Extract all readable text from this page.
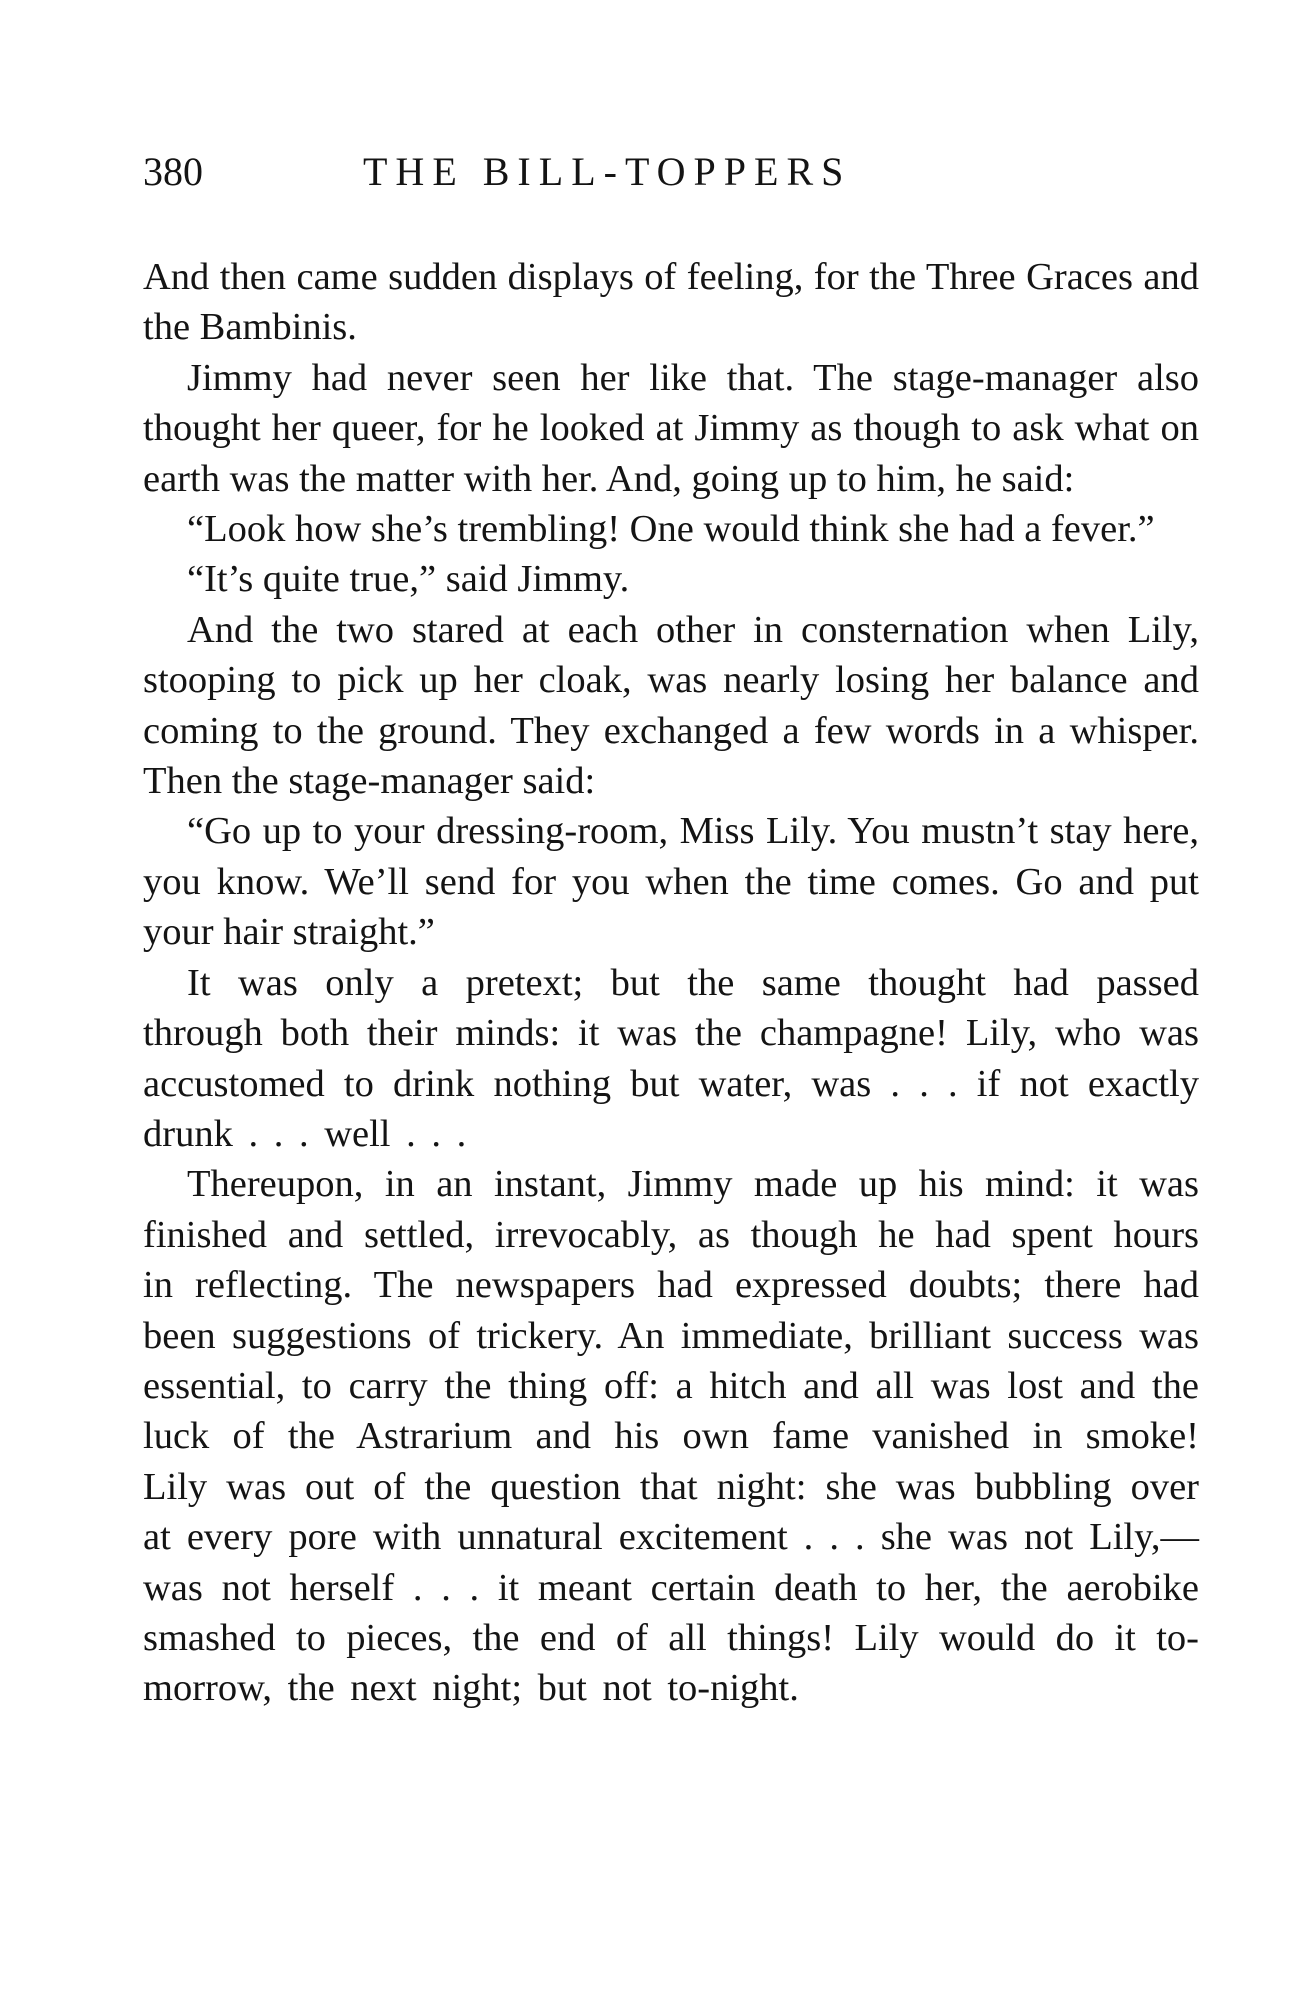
380	THE BILL-TOPPERS

And then came sudden displays of feeling, for the Three Graces and the Bambinis.

Jimmy had never seen her like that. The stage-manager also thought her queer, for he looked at Jimmy as though to ask what on earth was the matter with her. And, going up to him, he said:

“Look how she’s trembling! One would think she had a fever.”

“It’s quite true,” said Jimmy.

And the two stared at each other in consternation when Lily, stooping to pick up her cloak, was nearly losing her balance and coming to the ground. They exchanged a few words in a whisper. Then the stage-manager said:

“Go up to your dressing-room, Miss Lily. You mustn’t stay here, you know. We’ll send for you when the time comes. Go and put your hair straight.”

It was only a pretext; but the same thought had passed through both their minds: it was the champagne! Lily, who was accustomed to drink nothing but water, was . . . if not exactly drunk . . . well . . .

Thereupon, in an instant, Jimmy made up his mind: it was finished and settled, irrevocably, as though he had spent hours in reflecting. The newspapers had expressed doubts; there had been suggestions of trickery. An immediate, brilliant success was essential, to carry the thing off: a hitch and all was lost and the luck of the Astrarium and his own fame vanished in smoke! Lily was out of the question that night: she was bubbling over at every pore with unnatural excitement . . . she was not Lily,—was not herself . . . it meant certain death to her, the aerobike smashed to pieces, the end of all things! Lily would do it to-morrow, the next night; but not to-night.
